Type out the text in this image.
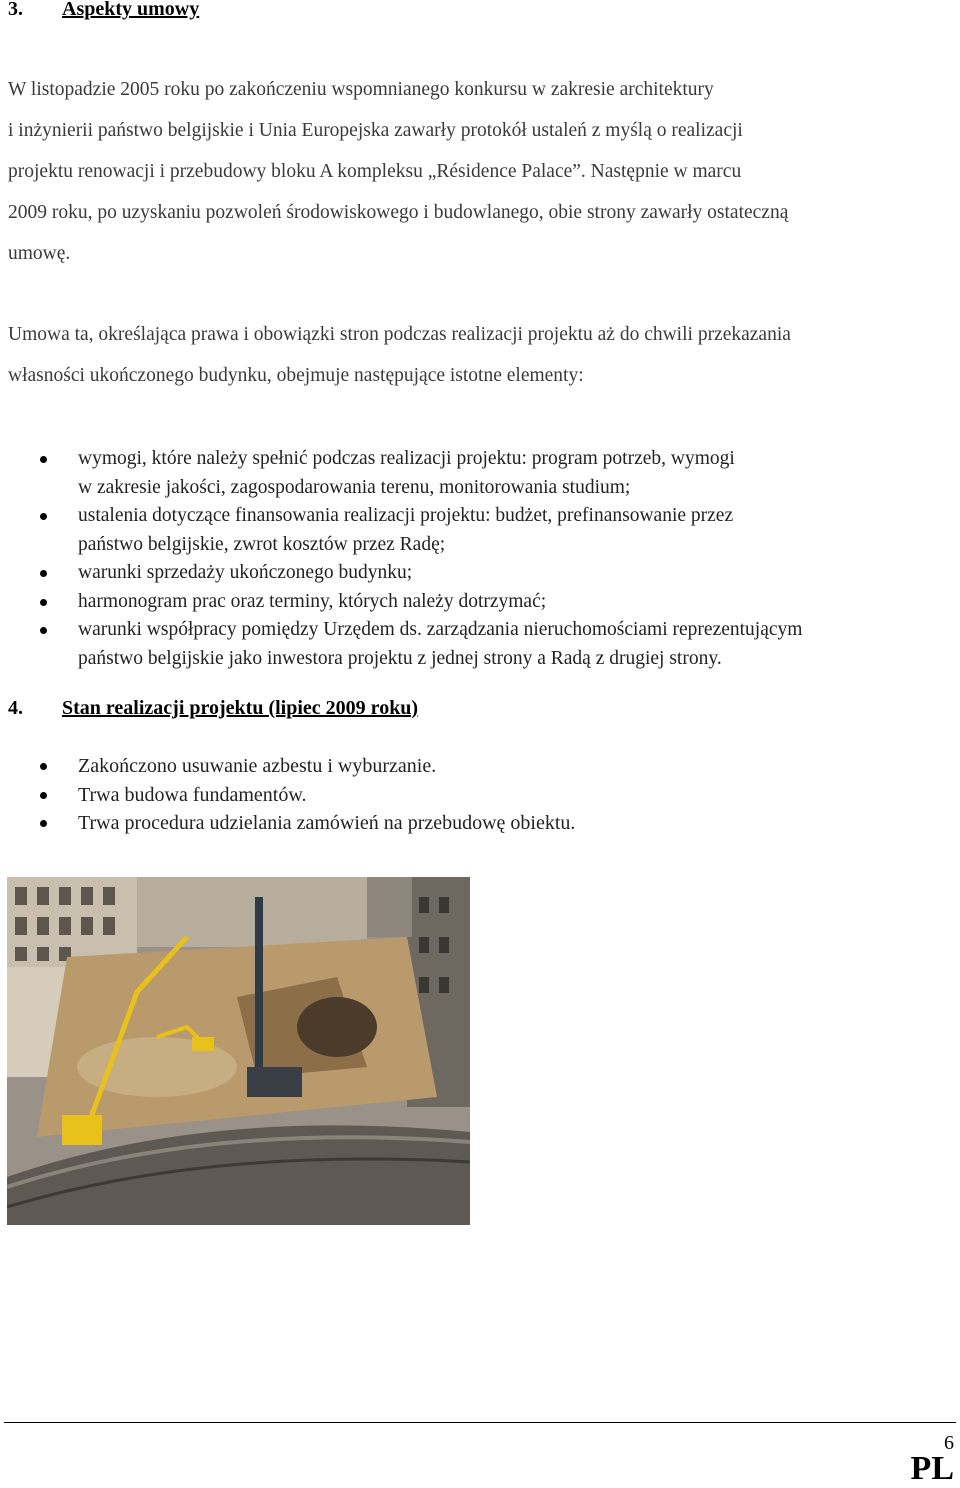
3. Aspekty umowy

W listopadzie 2005 roku po zakończeniu wspomnianego konkursu w zakresie architektury
i inżynierii państwo belgijskie i Unia Europejska zawarły protokół ustaleń z myślą o realizacji
projektu renowacji i przebudowy bloku A kompleksu „Résidence Palace”. Następnie w marcu
2009 roku, po uzyskaniu pozwoleń środowiskowego i budowlanego, obie strony zawarły ostateczną
umowę.

Umowa ta, określająca prawa i obowiązki stron podczas realizacji projektu aż do chwili przekazania
własności ukończonego budynku, obejmuje następujące istotne elementy:

wymogi, które należy spełnić podczas realizacji projektu: program potrzeb, wymogi
w zakresie jakości, zagospodarowania terenu, monitorowania studium;
ustalenia dotyczące finansowania realizacji projektu: budżet, prefinansowanie przez
państwo belgijskie, zwrot kosztów przez Radę;
warunki sprzedaży ukończonego budynku;
harmonogram prac oraz terminy, których należy dotrzymać;
warunki współpracy pomiędzy Urzędem ds. zarządzania nieruchomościami reprezentującym
państwo belgijskie jako inwestora projektu z jednej strony a Radą z drugiej strony.
4. Stan realizacji projektu (lipiec 2009 roku)
Zakończono usuwanie azbestu i wyburzanie.
Trwa budowa fundamentów.
Trwa procedura udzielania zamówień na przebudowę obiektu.
6
PL
